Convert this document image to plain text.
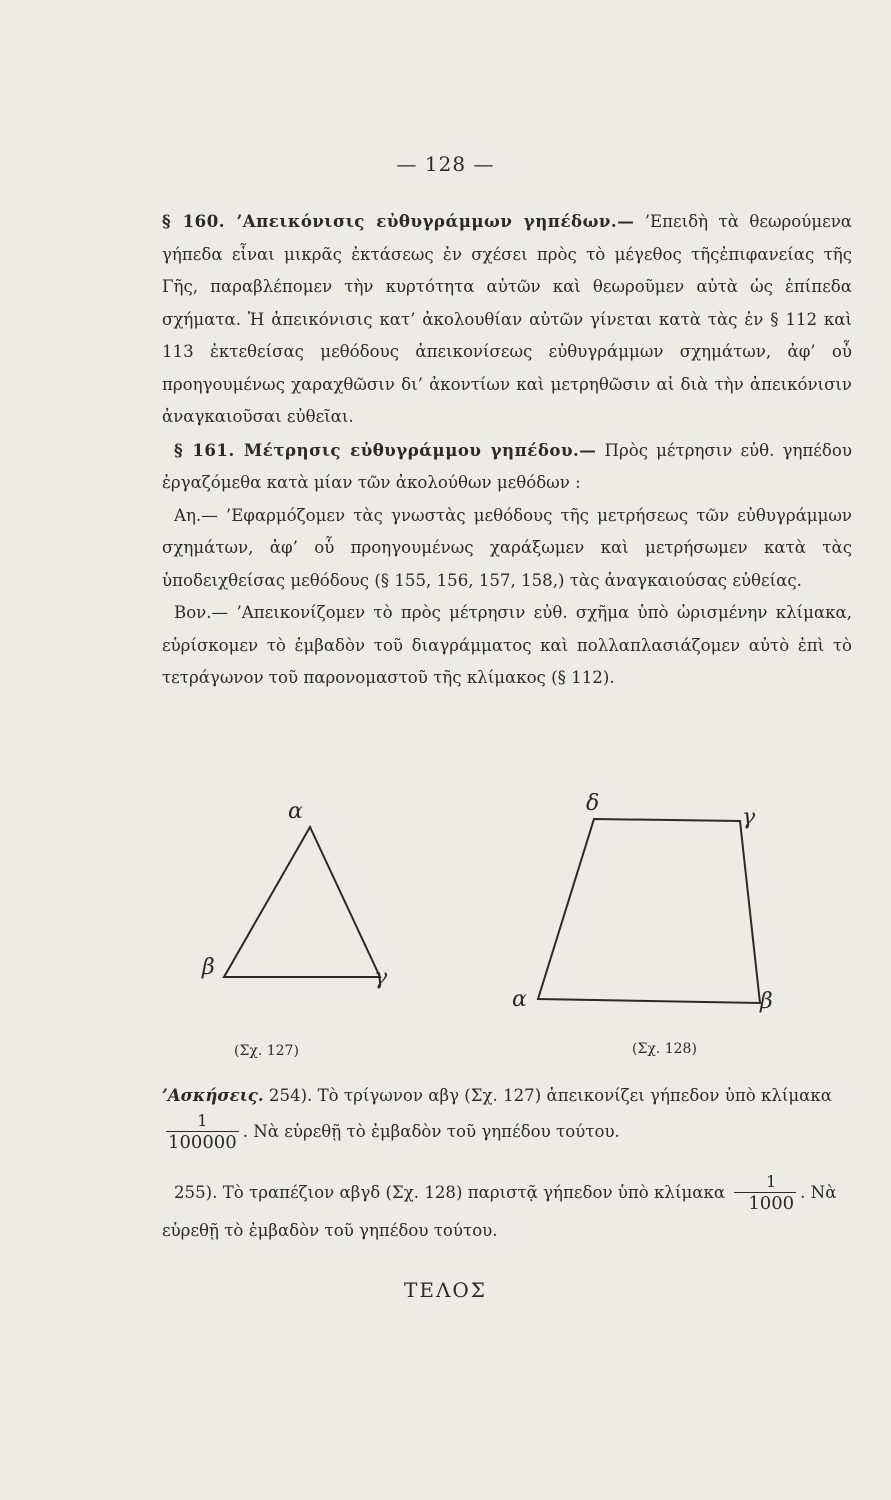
— 128 —

§ 160. ’Απεικόνισις εὐθυγράμμων γηπέδων.— ’Επειδὴ τὰ θεωρούμενα γήπεδα εἶναι μικρᾶς ἐκτάσεως ἐν σχέσει πρὸς τὸ μέγεθος τῆςἐπιφανείας τῆς Γῆς, παραβλέπομεν τὴν κυρτότητα αὐτῶν καὶ θεωροῦμεν αὐτὰ ὡς ἐπίπεδα σχήματα. Ἡ ἀπεικόνισις κατ’ ἀκολουθίαν αὐτῶν γίνεται κατὰ τὰς ἐν § 112 καὶ 113 ἐκτεθείσας μεθόδους ἀπεικονίσεως εὐθυγράμμων σχημάτων, ἀφ’ οὗ προηγουμένως χαραχθῶσιν δι’ ἀκοντίων καὶ μετρηθῶσιν αἱ διὰ τὴν ἀπεικόνισιν ἀναγκαιοῦσαι εὐθεῖαι.

§ 161. Μέτρησις εὐθυγράμμου γηπέδου.— Πρὸς μέτρησιν εὐθ. γηπέδου ἐργαζόμεθα κατὰ μίαν τῶν ἀκολούθων μεθόδων :

Αη.— ’Εφαρμόζομεν τὰς γνωστὰς μεθόδους τῆς μετρήσεως τῶν εὐθυγράμμων σχημάτων, ἀφ’ οὗ προηγουμένως χαράξωμεν καὶ μετρήσωμεν κατὰ τὰς ὑποδειχθείσας μεθόδους (§ 155, 156, 157, 158,) τὰς ἀναγκαιούσας εὐθείας.

Βον.— ’Απεικονίζομεν τὸ πρὸς μέτρησιν εὐθ. σχῆμα ὑπὸ ὡρισμένην κλίμακα, εὑρίσκομεν τὸ ἐμβαδὸν τοῦ διαγράμματος καὶ πολλαπλασιάζομεν αὐτὸ ἐπὶ τὸ τετράγωνον τοῦ παρονομαστοῦ τῆς κλίμακος (§ 112).

α
β	γ
δ
γ
α	β
(Σχ. 127)	(Σχ. 128)
’Ασκήσεις. 254). Τὸ τρίγωνον αβγ (Σχ. 127) ἀπεικονίζει γήπεδον ὑπὸ κλίμακα
$\frac{1}{100000}$ . Νὰ εὑρεθῇ τὸ ἐμβαδὸν τοῦ γηπέδου τούτου.
255). Τὸ τραπέζιον αβγδ (Σχ. 128) παριστᾷ γήπεδον ὑπὸ κλίμακα $\frac{1}{1000}$ . Νὰ εὑρεθῇ τὸ ἐμβαδὸν τοῦ γηπέδου τούτου.
ΤΕΛΟΣ
